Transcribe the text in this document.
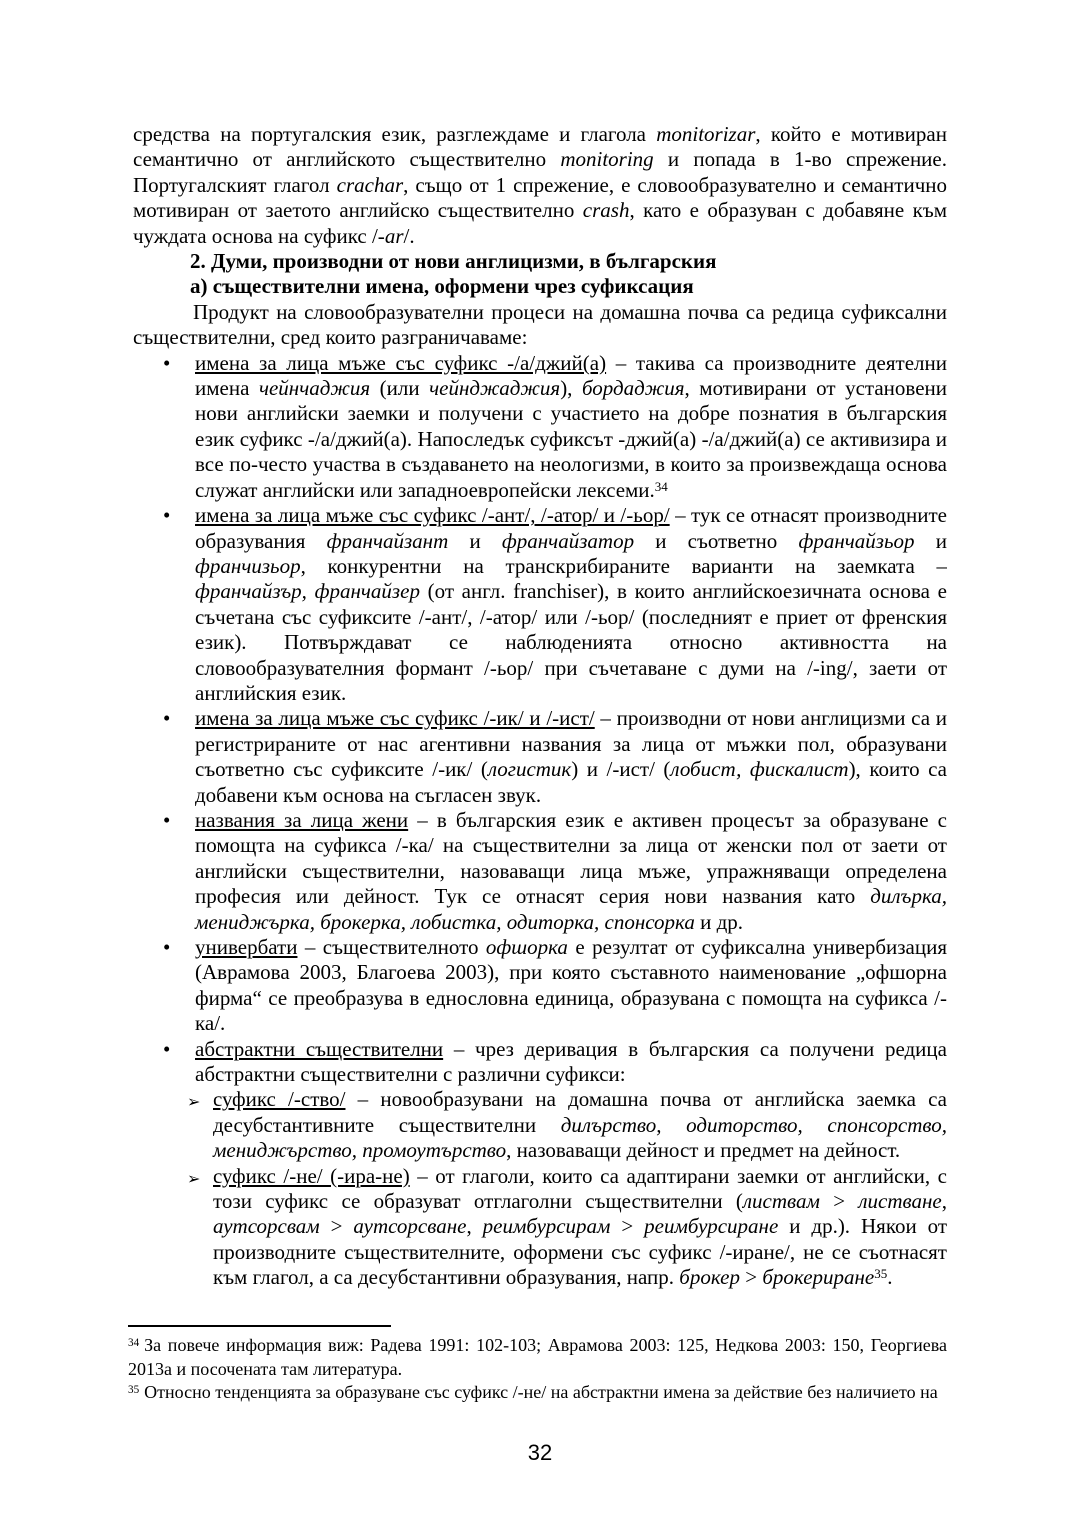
средства на португалския език, разглеждаме и глагола monitorizar, който е мотивиран семантично от английското съществително monitoring и попада в 1-во спрежение. Португалският глагол crachar, също от 1 спрежение, е словообразувателно и семантично мотивиран от заетото английско съществително crash, като е образуван с добавяне към чуждата основа на суфикс /-ar/.

2. Думи, производни от нови англицизми, в българския

а) съществителни имена, оформени чрез суфиксация

Продукт на словообразувателни процеси на домашна почва са редица суфиксални съществителни, сред които разграничаваме:

• имена за лица мъже със суфикс -/а/джий(а) – такива са производните деятелни имена чейнчаджия (или чейнджаджия), бордаджия, мотивирани от установени нови английски заемки и получени с участието на добре познатия в българския език суфикс -/а/джий(а). Напоследък суфиксът -джий(а) -/а/джий(а) се активизира и все по-често участва в създаването на неологизми, в които за произвеждаща основа служат английски или западноевропейски лексеми.$^{34}$
• имена за лица мъже със суфикс /-ант/, /-атор/ и /-ьор/ – тук се отнасят производните образувания франчайзант и франчайзатор и съответно франчайзьор и франчизьор, конкурентни на транскрибираните варианти на заемката – франчайзър, франчайзер (от англ. franchiser), в които английскоезичната основа е съчетана със суфиксите /-ант/, /-атор/ или /-ьор/ (последният е приет от френския език). Потвърждават се наблюденията относно активността на словообразувателния формант /-ьор/ при съчетаване с думи на /-ing/, заети от английския език.
• имена за лица мъже със суфикс /-ик/ и /-ист/ – производни от нови англицизми са и регистрираните от нас агентивни названия за лица от мъжки пол, образувани съответно със суфиксите /-ик/ (логистик) и /-ист/ (лобист, фискалист), които са добавени към основа на съгласен звук.
• названия за лица жени – в българския език е активен процесът за образуване с помощта на суфикса /-ка/ на съществителни за лица от женски пол от заети от английски съществителни, назоваващи лица мъже, упражняващи определена професия или дейност. Тук се отнасят серия нови названия като дилърка, мениджърка, брокерка, лобистка, одиторка, спонсорка и др.
• универбати – съществителното офшорка е резултат от суфиксална универбизация (Аврамова 2003, Благоева 2003), при която съставното наименование „офшорна фирма“ се преобразува в еднословна единица, образувана с помощта на суфикса /-ка/.
• абстрактни съществителни – чрез деривация в българския са получени редица абстрактни съществителни с различни суфикси:
➢ суфикс /-ство/ – новообразувани на домашна почва от английска заемка са десубстантивните съществителни дилърство, одиторство, спонсорство, мениджърство, промоутърство, назоваващи дейност и предмет на дейност.
➢ суфикс /-не/ (-ира-не) – от глаголи, които са адаптирани заемки от английски, с този суфикс се образуват отглаголни съществителни (листвам > листване, аутсорсвам > аутсорсване, реимбурсирам > реимбурсиране и др.). Някои от производните съществителните, оформени със суфикс /-иране/, не се съотнасят към глагол, а са десубстантивни образувания, напр. брокер > брокериране$^{35}$.

$^{34}$ За повече информация виж: Радева 1991: 102-103; Аврамова 2003: 125, Недкова 2003: 150, Георгиева 2013а и посочената там литература.

$^{35}$ Относно тенденцията за образуване със суфикс /-не/ на абстрактни имена за действие без наличието на

32
